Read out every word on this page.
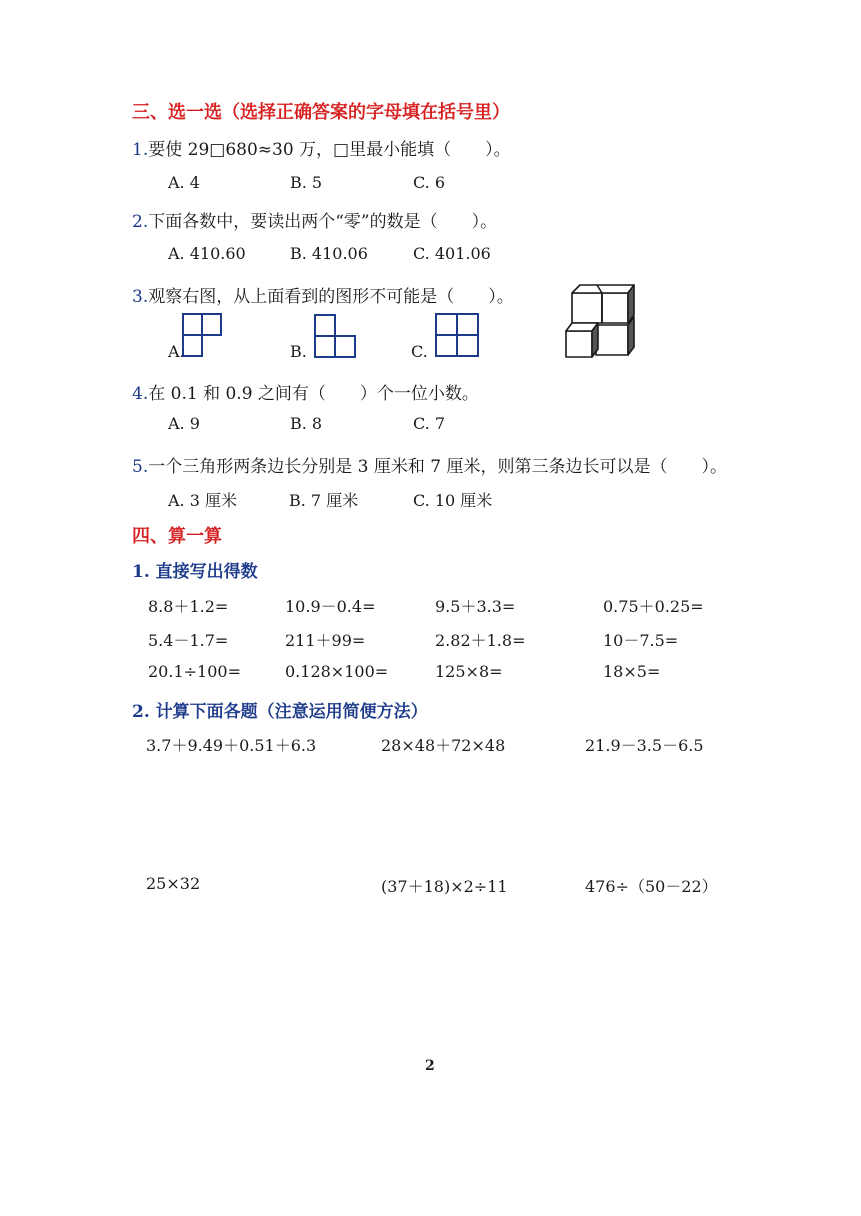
三、选一选（选择正确答案的字母填在括号里）
1.要使 29□680≈30 万，□里最小能填（　　）。
A. 4	B. 5	C. 6
2.下面各数中，要读出两个“零”的数是（　　）。
A. 410.60	B. 410.06	C. 401.06
3.观察右图，从上面看到的图形不可能是（　　）。
A.	B.	C.
4.在 0.1 和 0.9 之间有（　　）个一位小数。
A. 9	B. 8	C. 7
5.一个三角形两条边长分别是 3 厘米和 7 厘米，则第三条边长可以是（　　）。
A. 3 厘米	B. 7 厘米	C. 10 厘米
四、算一算
1. 直接写出得数
8.8＋1.2=	10.9－0.4=	9.5＋3.3=	0.75＋0.25=
5.4－1.7=	211＋99=	2.82＋1.8=	10－7.5=
20.1÷100=	0.128×100=	125×8=	18×5=
2. 计算下面各题（注意运用简便方法）
3.7＋9.49＋0.51＋6.3	28×48＋72×48	21.9－3.5－6.5
25×32	(37＋18)×2÷11	476÷（50－22）
2
